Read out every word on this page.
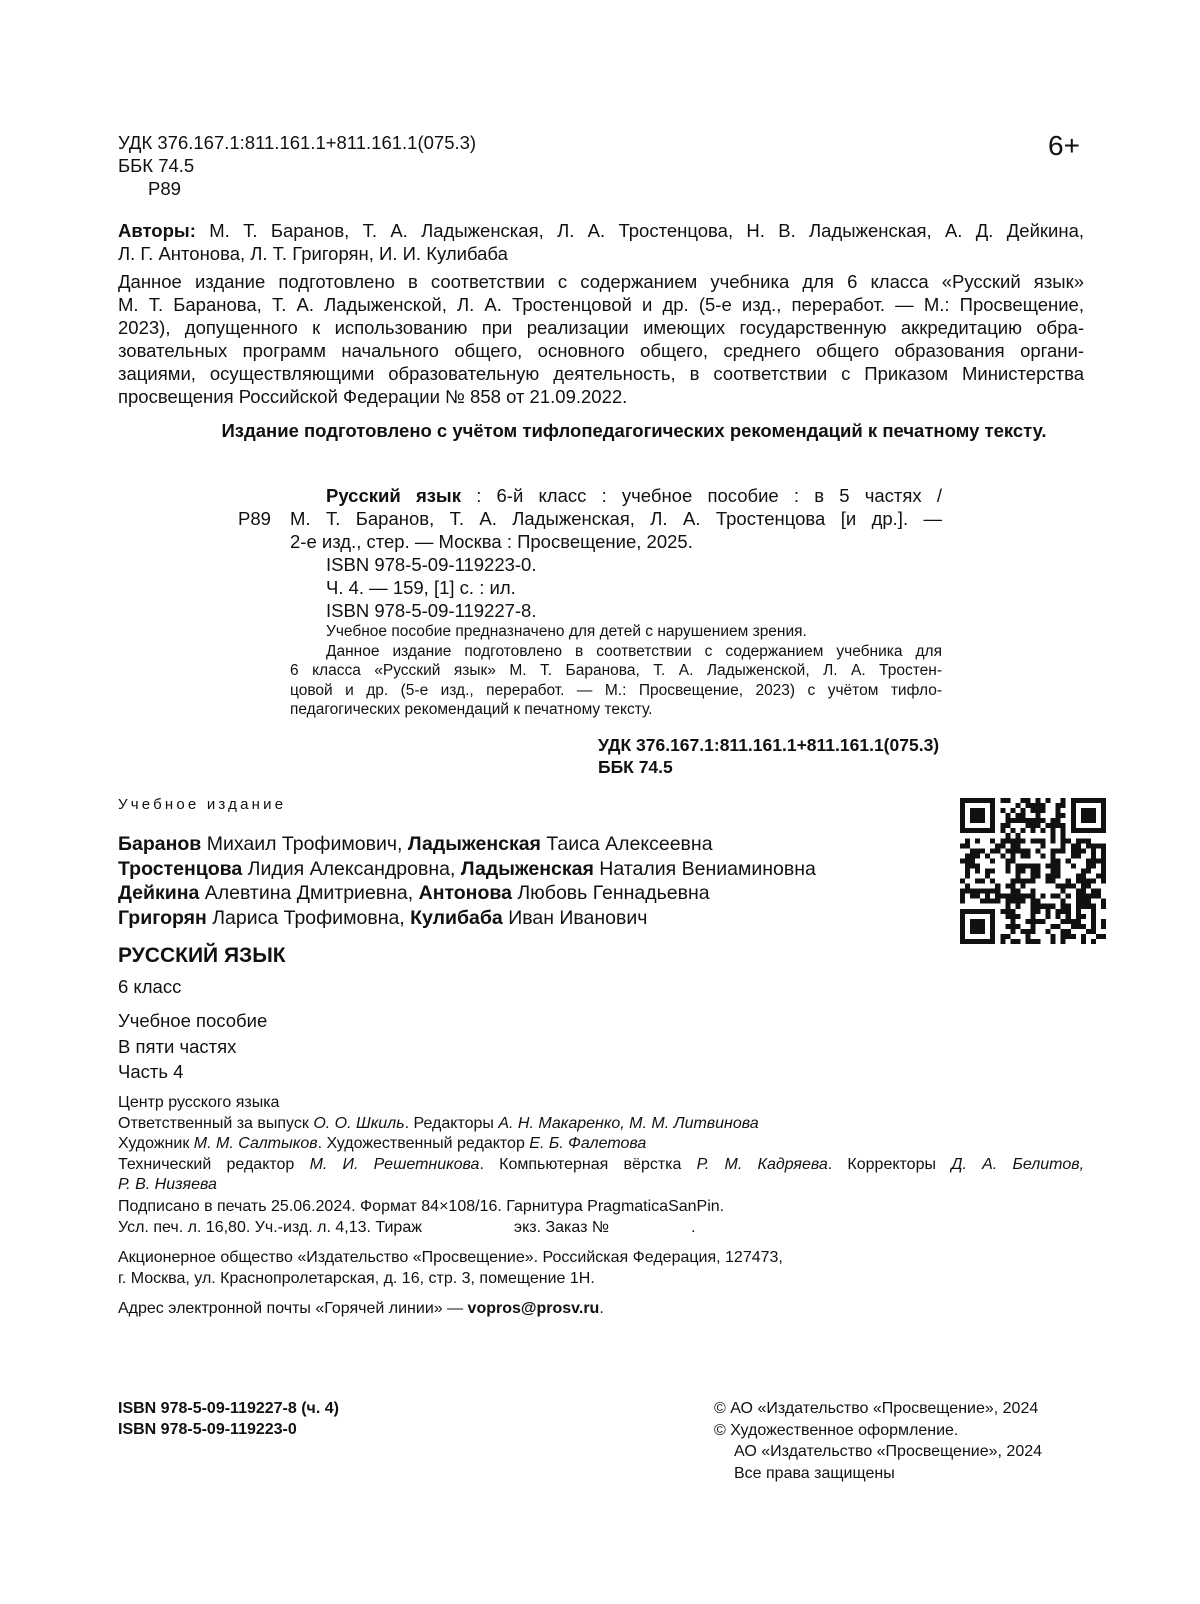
УДК 376.167.1:811.161.1+811.161.1(075.3)
ББК 74.5
Р89
6+
Авторы: М. Т. Баранов, Т. А. Ладыженская, Л. А. Тростенцова, Н. В. Ладыженская, А. Д. Дейкина,
Л. Г. Антонова, Л. Т. Григорян, И. И. Кулибаба
Данное издание подготовлено в соответствии с содержанием учебника для 6 класса «Русский язык»
М. Т. Баранова, Т. А. Ладыженской, Л. А. Тростенцовой и др. (5-е изд., переработ. — М.: Просвещение,
2023), допущенного к использованию при реализации имеющих государственную аккредитацию обра-
зовательных программ начального общего, основного общего, среднего общего образования органи-
зациями, осуществляющими образовательную деятельность, в соответствии с Приказом Министерства
просвещения Российской Федерации № 858 от 21.09.2022.
Издание подготовлено с учётом тифлопедагогических рекомендаций к печатному тексту.
Р89
Русский язык : 6-й класс : учебное пособие : в 5 частях /
М. Т. Баранов, Т. А. Ладыженская, Л. А. Тростенцова [и др.]. —
2-е изд., стер. — Москва : Просвещение, 2025.
ISBN 978-5-09-119223-0.
Ч. 4. — 159, [1] с. : ил.
ISBN 978-5-09-119227-8.
Учебное пособие предназначено для детей с нарушением зрения.
Данное издание подготовлено в соответствии с содержанием учебника для
6 класса «Русский язык» М. Т. Баранова, Т. А. Ладыженской, Л. А. Тростен-
цовой и др. (5-е изд., переработ. — М.: Просвещение, 2023) с учётом тифло-
педагогических рекомендаций к печатному тексту.
УДК 376.167.1:811.161.1+811.161.1(075.3)
ББК 74.5
Учебное издание
Баранов Михаил Трофимович, Ладыженская Таиса Алексеевна
Тростенцова Лидия Александровна, Ладыженская Наталия Вениаминовна
Дейкина Алевтина Дмитриевна, Антонова Любовь Геннадьевна
Григорян Лариса Трофимовна, Кулибаба Иван Иванович
РУССКИЙ ЯЗЫК
6 класс
Учебное пособие
В пяти частях
Часть 4
Центр русского языка
Ответственный за выпуск О. О. Шкиль. Редакторы А. Н. Макаренко, М. М. Литвинова
Художник М. М. Салтыков. Художественный редактор Е. Б. Фалетова
Технический редактор М. И. Решетникова. Компьютерная вёрстка Р. М. Кадряева. Корректоры Д. А. Белитов,
Р. В. Низяева
Подписано в печать 25.06.2024. Формат 84×108/16. Гарнитура PragmaticaSanPin.
Усл. печ. л. 16,80. Уч.-изд. л. 4,13. Тираж	экз. Заказ №	.
Акционерное общество «Издательство «Просвещение». Российская Федерация, 127473,
г. Москва, ул. Краснопролетарская, д. 16, стр. 3, помещение 1Н.
Адрес электронной почты «Горячей линии» — vopros@prosv.ru.
ISBN 978-5-09-119227-8 (ч. 4)
ISBN 978-5-09-119223-0
© АО «Издательство «Просвещение», 2024
© Художественное оформление.
АО «Издательство «Просвещение», 2024
Все права защищены
